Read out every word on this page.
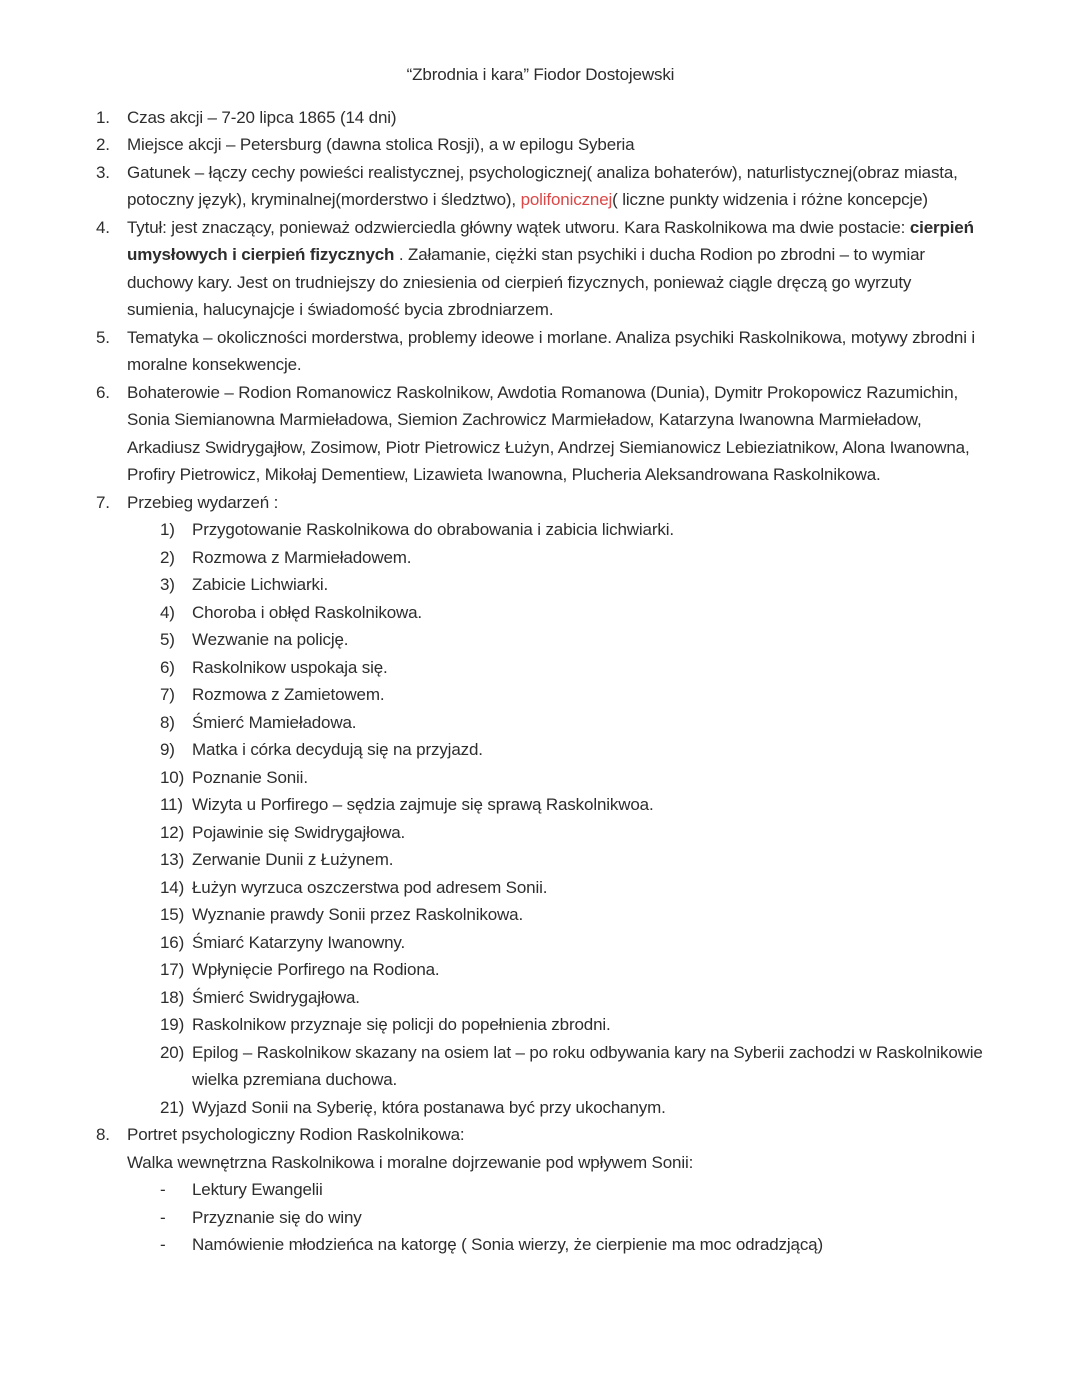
“Zbrodnia i kara” Fiodor Dostojewski
1.	Czas akcji – 7-20 lipca 1865 (14 dni)
2.	Miejsce akcji – Petersburg (dawna stolica Rosji), a w epilogu Syberia
3.	Gatunek – łączy cechy powieści realistycznej, psychologicznej( analiza bohaterów), naturlistycznej(obraz miasta, potoczny język), kryminalnej(morderstwo i śledztwo), polifonicznej( liczne punkty widzenia i różne koncepcje)
4.	Tytuł: jest znaczący, ponieważ odzwierciedla główny wątek utworu. Kara Raskolnikowa ma dwie postacie: cierpień umysłowych i cierpień fizycznych . Załamanie, ciężki stan psychiki i ducha Rodion po zbrodni – to wymiar duchowy kary. Jest on trudniejszy do zniesienia od cierpień fizycznych, ponieważ ciągle dręczą go wyrzuty sumienia, halucynajcje i świadomość bycia zbrodniarzem.
5.	Tematyka – okoliczności morderstwa, problemy ideowe i morlane. Analiza psychiki Raskolnikowa, motywy zbrodni i moralne konsekwencje.
6.	Bohaterowie – Rodion Romanowicz Raskolnikow, Awdotia Romanowa (Dunia), Dymitr Prokopowicz Razumichin, Sonia Siemianowna Marmieładowa, Siemion Zachrowicz Marmieładow, Katarzyna Iwanowna Marmieładow, Arkadiusz Swidrygajłow, Zosimow, Piotr Pietrowicz Łużyn, Andrzej Siemianowicz Lebieziatnikow, Alona Iwanowna, Profiry Pietrowicz, Mikołaj Dementiew, Lizawieta Iwanowna, Plucheria Aleksandrowana Raskolnikowa.
7.	Przebieg wydarzeń :
1)	Przygotowanie Raskolnikowa do obrabowania i zabicia lichwiarki.
2)	Rozmowa z Marmieładowem.
3)	Zabicie Lichwiarki.
4)	Choroba i obłęd Raskolnikowa.
5)	Wezwanie na policję.
6)	Raskolnikow uspokaja się.
7)	Rozmowa z Zamietowem.
8)	Śmierć Mamieładowa.
9)	Matka i córka decydują się na przyjazd.
10) Poznanie Sonii.
11) Wizyta u Porfirego – sędzia zajmuje się sprawą Raskolnikwoa.
12) Pojawinie się Swidrygajłowa.
13) Zerwanie Dunii z Łużynem.
14) Łużyn wyrzuca oszczerstwa pod adresem Sonii.
15) Wyznanie prawdy Sonii przez Raskolnikowa.
16) Śmiarć Katarzyny Iwanowny.
17) Wpłynięcie Porfirego na Rodiona.
18) Śmierć Swidrygajłowa.
19) Raskolnikow przyznaje się policji do popełnienia zbrodni.
20) Epilog – Raskolnikow skazany na osiem lat – po roku odbywania kary na Syberii zachodzi w Raskolnikowie wielka pzremiana duchowa.
21) Wyjazd Sonii na Syberię, która postanawa być przy ukochanym.
8.	Portret psychologiczny Rodion Raskolnikowa:
Walka wewnętrzna Raskolnikowa i moralne dojrzewanie pod wpływem Sonii:
-	Lektury Ewangelii
-	Przyznanie się do winy
-	Namówienie młodzieńca na katorgę ( Sonia wierzy, że cierpienie ma moc odradzjącą)
